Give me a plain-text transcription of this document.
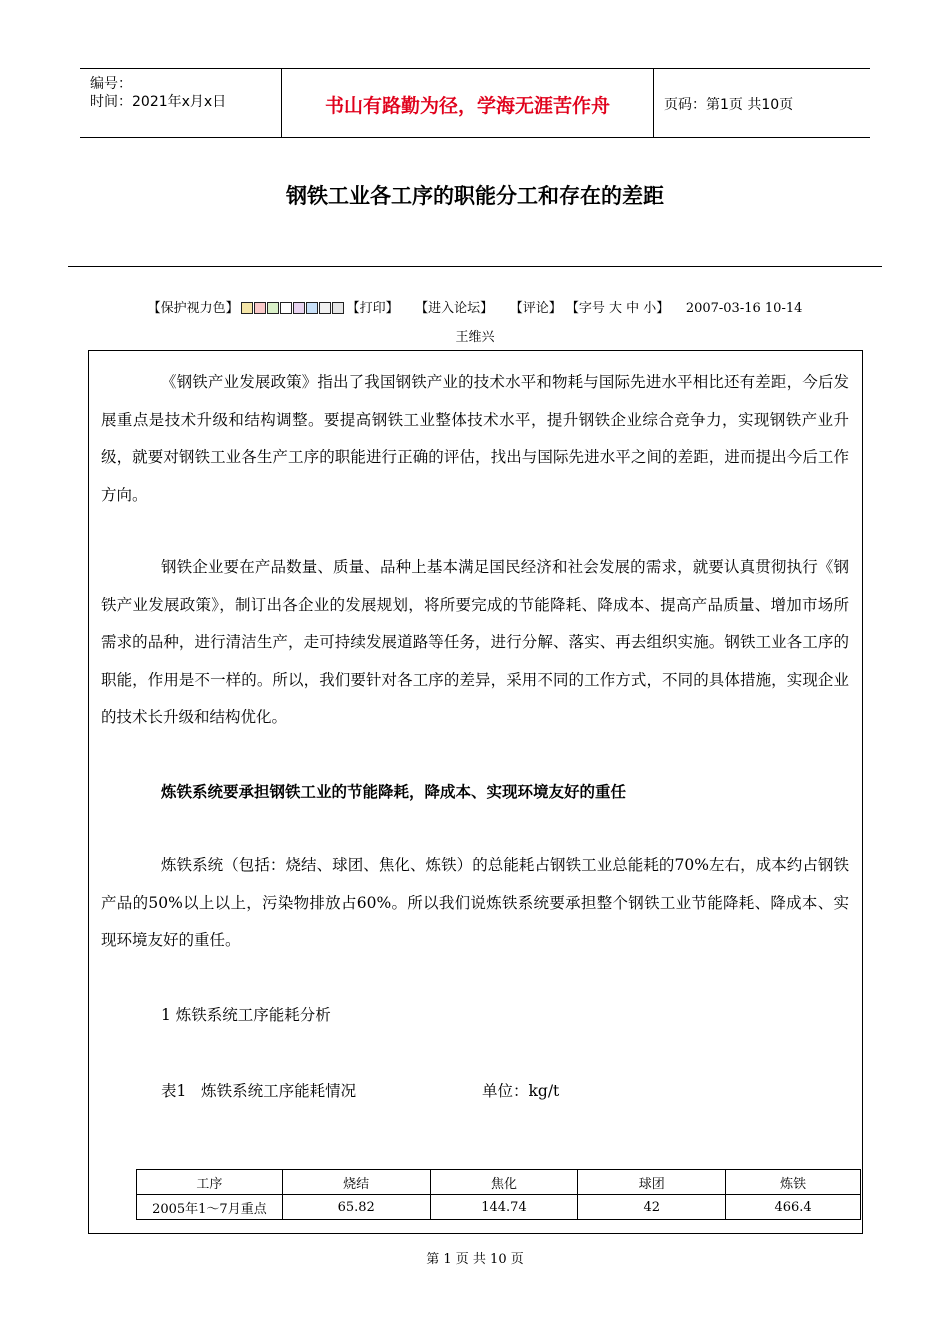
编号：
时间：2021年x月x日	书山有路勤为径，学海无涯苦作舟	页码：第1页 共10页
钢铁工业各工序的职能分工和存在的差距
【保护视力色】	【打印】 【进入论坛】 【评论】 【字号 大 中 小】 2007-03-16 10-14
王维兴
《钢铁产业发展政策》指出了我国钢铁产业的技术水平和物耗与国际先进水平相比还有差距，今后发展重点是技术升级和结构调整。要提高钢铁工业整体技术水平，提升钢铁企业综合竞争力，实现钢铁产业升级，就要对钢铁工业各生产工序的职能进行正确的评估，找出与国际先进水平之间的差距，进而提出今后工作方向。
钢铁企业要在产品数量、质量、品种上基本满足国民经济和社会发展的需求，就要认真贯彻执行《钢铁产业发展政策》，制订出各企业的发展规划，将所要完成的节能降耗、降成本、提高产品质量、增加市场所需求的品种，进行清洁生产，走可持续发展道路等任务，进行分解、落实、再去组织实施。钢铁工业各工序的职能，作用是不一样的。所以，我们要针对各工序的差异，采用不同的工作方式，不同的具体措施，实现企业的技术长升级和结构优化。
炼铁系统要承担钢铁工业的节能降耗，降成本、实现环境友好的重任
炼铁系统（包括：烧结、球团、焦化、炼铁）的总能耗占钢铁工业总能耗的70%左右，成本约占钢铁产品的50%以上以上，污染物排放占60%。所以我们说炼铁系统要承担整个钢铁工业节能降耗、降成本、实现环境友好的重任。
1 炼铁系统工序能耗分析
表1   炼铁系统工序能耗情况	单位：kg/t
工序	烧结	焦化	球团	炼铁
2005年1～7月重点	65.82	144.74	42	466.4
第 1 页 共 10 页
